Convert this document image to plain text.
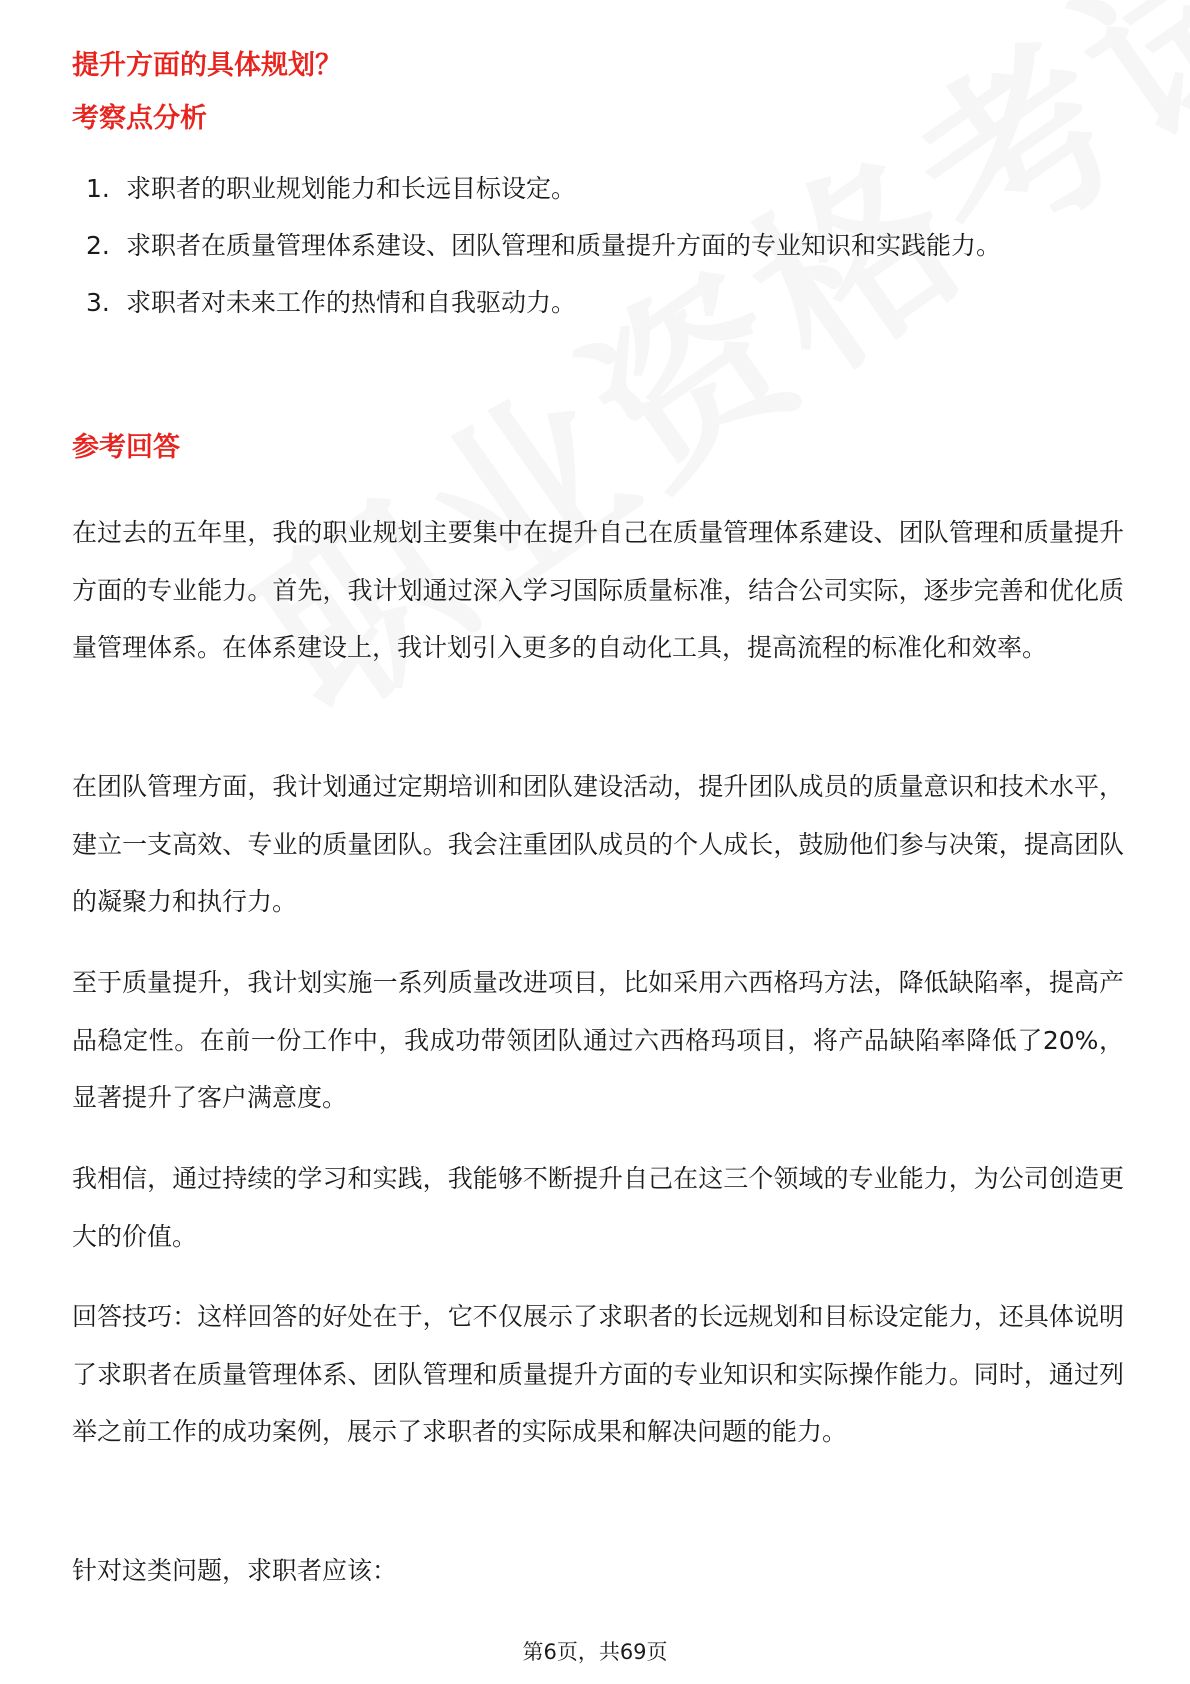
提升方面的具体规划？

考察点分析

1. 求职者的职业规划能力和长远目标设定。
2. 求职者在质量管理体系建设、团队管理和质量提升方面的专业知识和实践能力。
3. 求职者对未来工作的热情和自我驱动力。

参考回答

在过去的五年里，我的职业规划主要集中在提升自己在质量管理体系建设、团队管理和质量提升方面的专业能力。首先，我计划通过深入学习国际质量标准，结合公司实际，逐步完善和优化质量管理体系。在体系建设上，我计划引入更多的自动化工具，提高流程的标准化和效率。

在团队管理方面，我计划通过定期培训和团队建设活动，提升团队成员的质量意识和技术水平，建立一支高效、专业的质量团队。我会注重团队成员的个人成长，鼓励他们参与决策，提高团队的凝聚力和执行力。

至于质量提升，我计划实施一系列质量改进项目，比如采用六西格玛方法，降低缺陷率，提高产品稳定性。在前一份工作中，我成功带领团队通过六西格玛项目，将产品缺陷率降低了20%，显著提升了客户满意度。

我相信，通过持续的学习和实践，我能够不断提升自己在这三个领域的专业能力，为公司创造更大的价值。

回答技巧：这样回答的好处在于，它不仅展示了求职者的长远规划和目标设定能力，还具体说明了求职者在质量管理体系、团队管理和质量提升方面的专业知识和实际操作能力。同时，通过列举之前工作的成功案例，展示了求职者的实际成果和解决问题的能力。

针对这类问题，求职者应该：

第6页，共69页
